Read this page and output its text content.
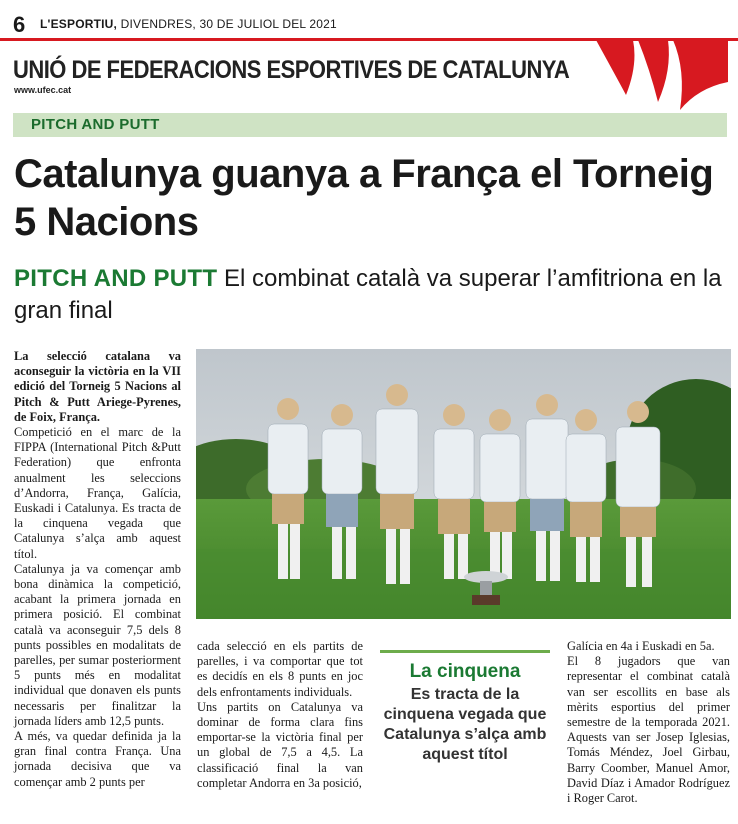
6 L'ESPORTIU, DIVENDRES, 30 DE JULIOL DEL 2021
UNIÓ DE FEDERACIONS ESPORTIVES DE CATALUNYA
www.ufec.cat
PITCH AND PUTT
Catalunya guanya a França el Torneig 5 Nacions
PITCH AND PUTT El combinat català va superar l’amfitriona en la gran final

La selecció catalana va aconseguir la victòria en la VII edició del Torneig 5 Nacions al Pitch & Putt Ariege-Pyrenes, de Foix, França.

Competició en el marc de la FIPPA (International Pitch &Putt Federation) que enfronta anualment les seleccions d’Andorra, França, Galícia, Euskadi i Catalunya. Es tracta de la cinquena vegada que Catalunya s’alça amb aquest títol.

Catalunya ja va començar amb bona dinàmica la competició, acabant la primera jornada en primera posició. El combinat català va aconseguir 7,5 dels 8 punts possibles en modalitats de parelles, per sumar posteriorment 5 punts més en modalitat individual que donaven els punts necessaris per finalitzar la jornada líders amb 12,5 punts.

A més, va quedar definida ja la gran final contra França. Una jornada decisiva que va començar amb 2 punts per

cada selecció en els partits de parelles, i va comportar que tot es decidís en els 8 punts en joc dels enfrontaments individuals.

Uns partits on Catalunya va dominar de forma clara fins emportar-se la victòria final per un global de 7,5 a 4,5. La classificació final la van completar Andorra en 3a posició,

La cinquena
Es tracta de la cinquena vegada que Catalunya s’alça amb aquest títol

Galícia en 4a i Euskadi en 5a.

El 8 jugadors que van representar el combinat català van ser escollits en base als mèrits esportius del primer semestre de la temporada 2021. Aquests van ser Josep Iglesias, Tomás Méndez, Joel Girbau, Barry Coomber, Manuel Amor, David Díaz i Amador Rodríguez i Roger Carot.
